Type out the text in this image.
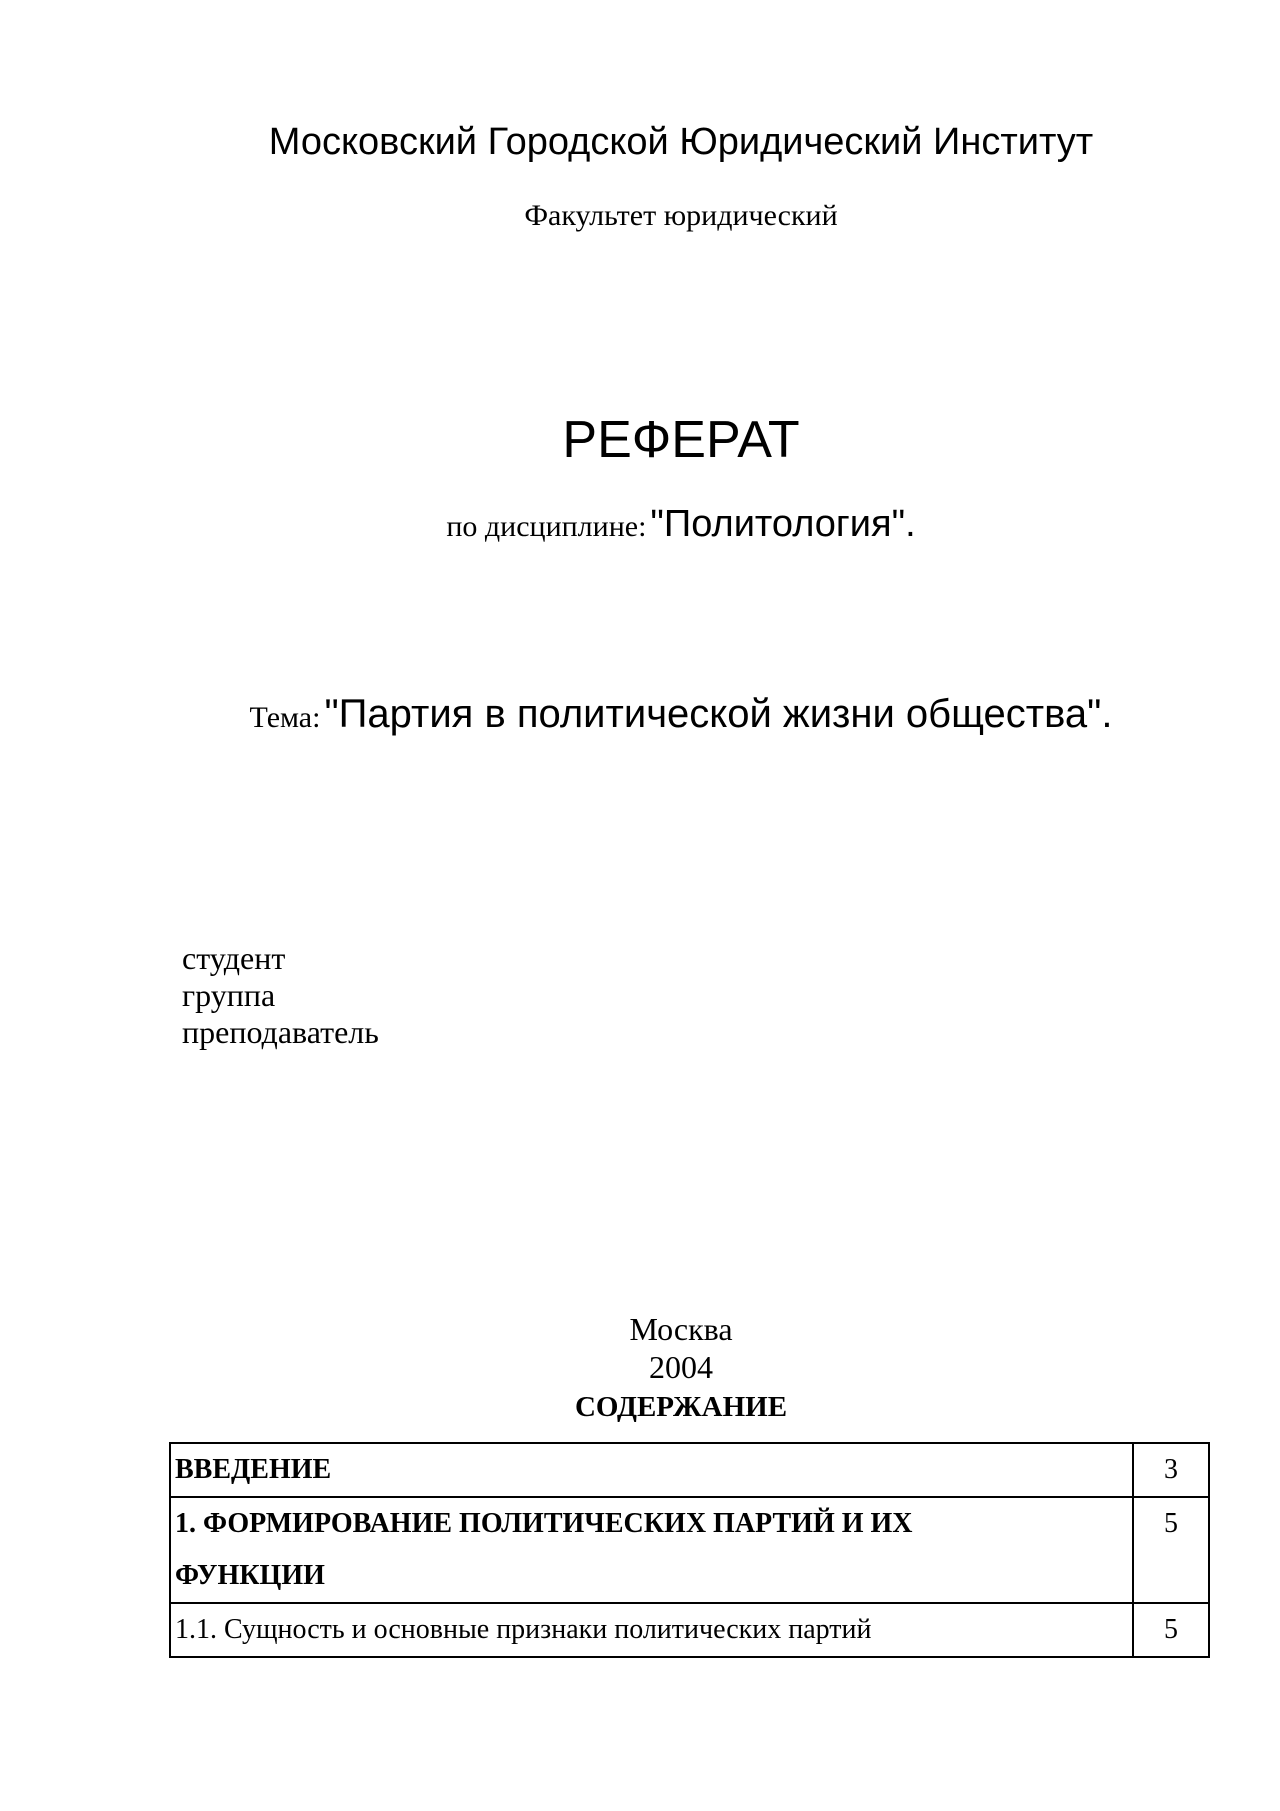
Московский Городской Юридический Институт
Факультет юридический
РЕФЕРАТ
по дисциплине: "Политология".
Тема: "Партия в политической жизни общества".
студент
группа
преподаватель
Москва
2004
СОДЕРЖАНИЕ
ВВЕДЕНИЕ	3
1. ФОРМИРОВАНИЕ ПОЛИТИЧЕСКИХ ПАРТИЙ И ИХ ФУНКЦИИ	5
1.1. Сущность и основные признаки политических партий	5
